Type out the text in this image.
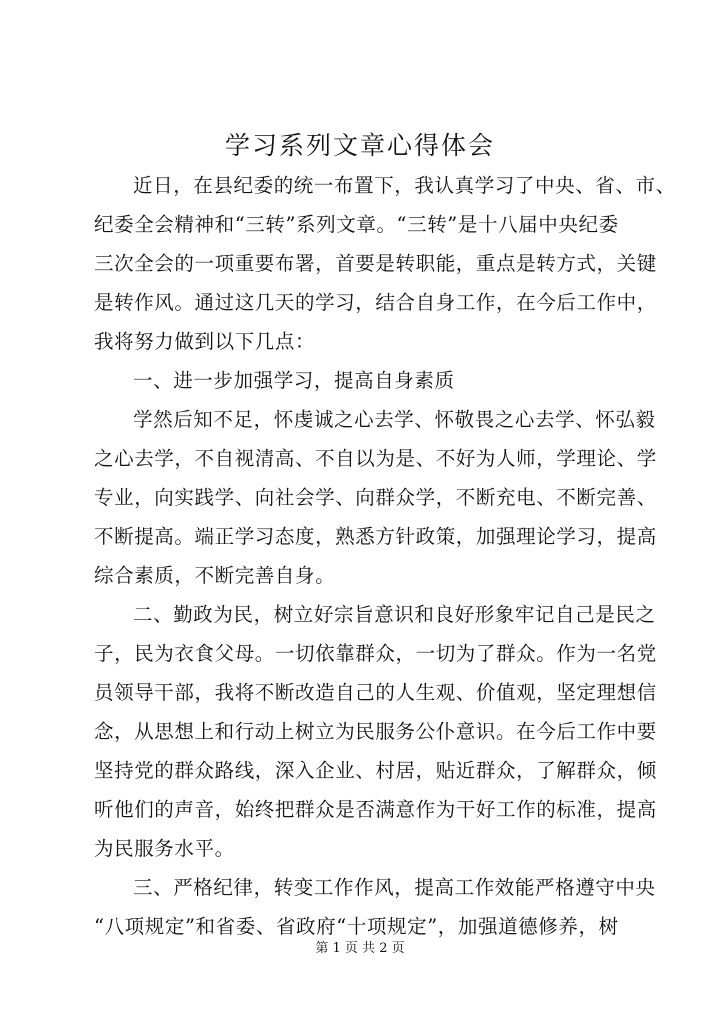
学习系列文章心得体会
近日，在县纪委的统一布置下，我认真学习了中央、省、市、
纪委全会精神和“三转”系列文章。“三转”是十八届中央纪委
三次全会的一项重要布署，首要是转职能，重点是转方式，关键
是转作风。通过这几天的学习，结合自身工作，在今后工作中，
我将努力做到以下几点：
一、进一步加强学习，提高自身素质
学然后知不足，怀虔诚之心去学、怀敬畏之心去学、怀弘毅
之心去学，不自视清高、不自以为是、不好为人师，学理论、学
专业，向实践学、向社会学、向群众学，不断充电、不断完善、
不断提高。端正学习态度，熟悉方针政策，加强理论学习，提高
综合素质，不断完善自身。
二、勤政为民，树立好宗旨意识和良好形象牢记自己是民之
子，民为衣食父母。一切依靠群众，一切为了群众。作为一名党
员领导干部，我将不断改造自己的人生观、价值观，坚定理想信
念，从思想上和行动上树立为民服务公仆意识。在今后工作中要
坚持党的群众路线，深入企业、村居，贴近群众，了解群众，倾
听他们的声音，始终把群众是否满意作为干好工作的标准，提高
为民服务水平。
三、严格纪律，转变工作作风，提高工作效能严格遵守中央
“八项规定”和省委、省政府“十项规定”，加强道德修养，树
第 1 页 共 2 页
